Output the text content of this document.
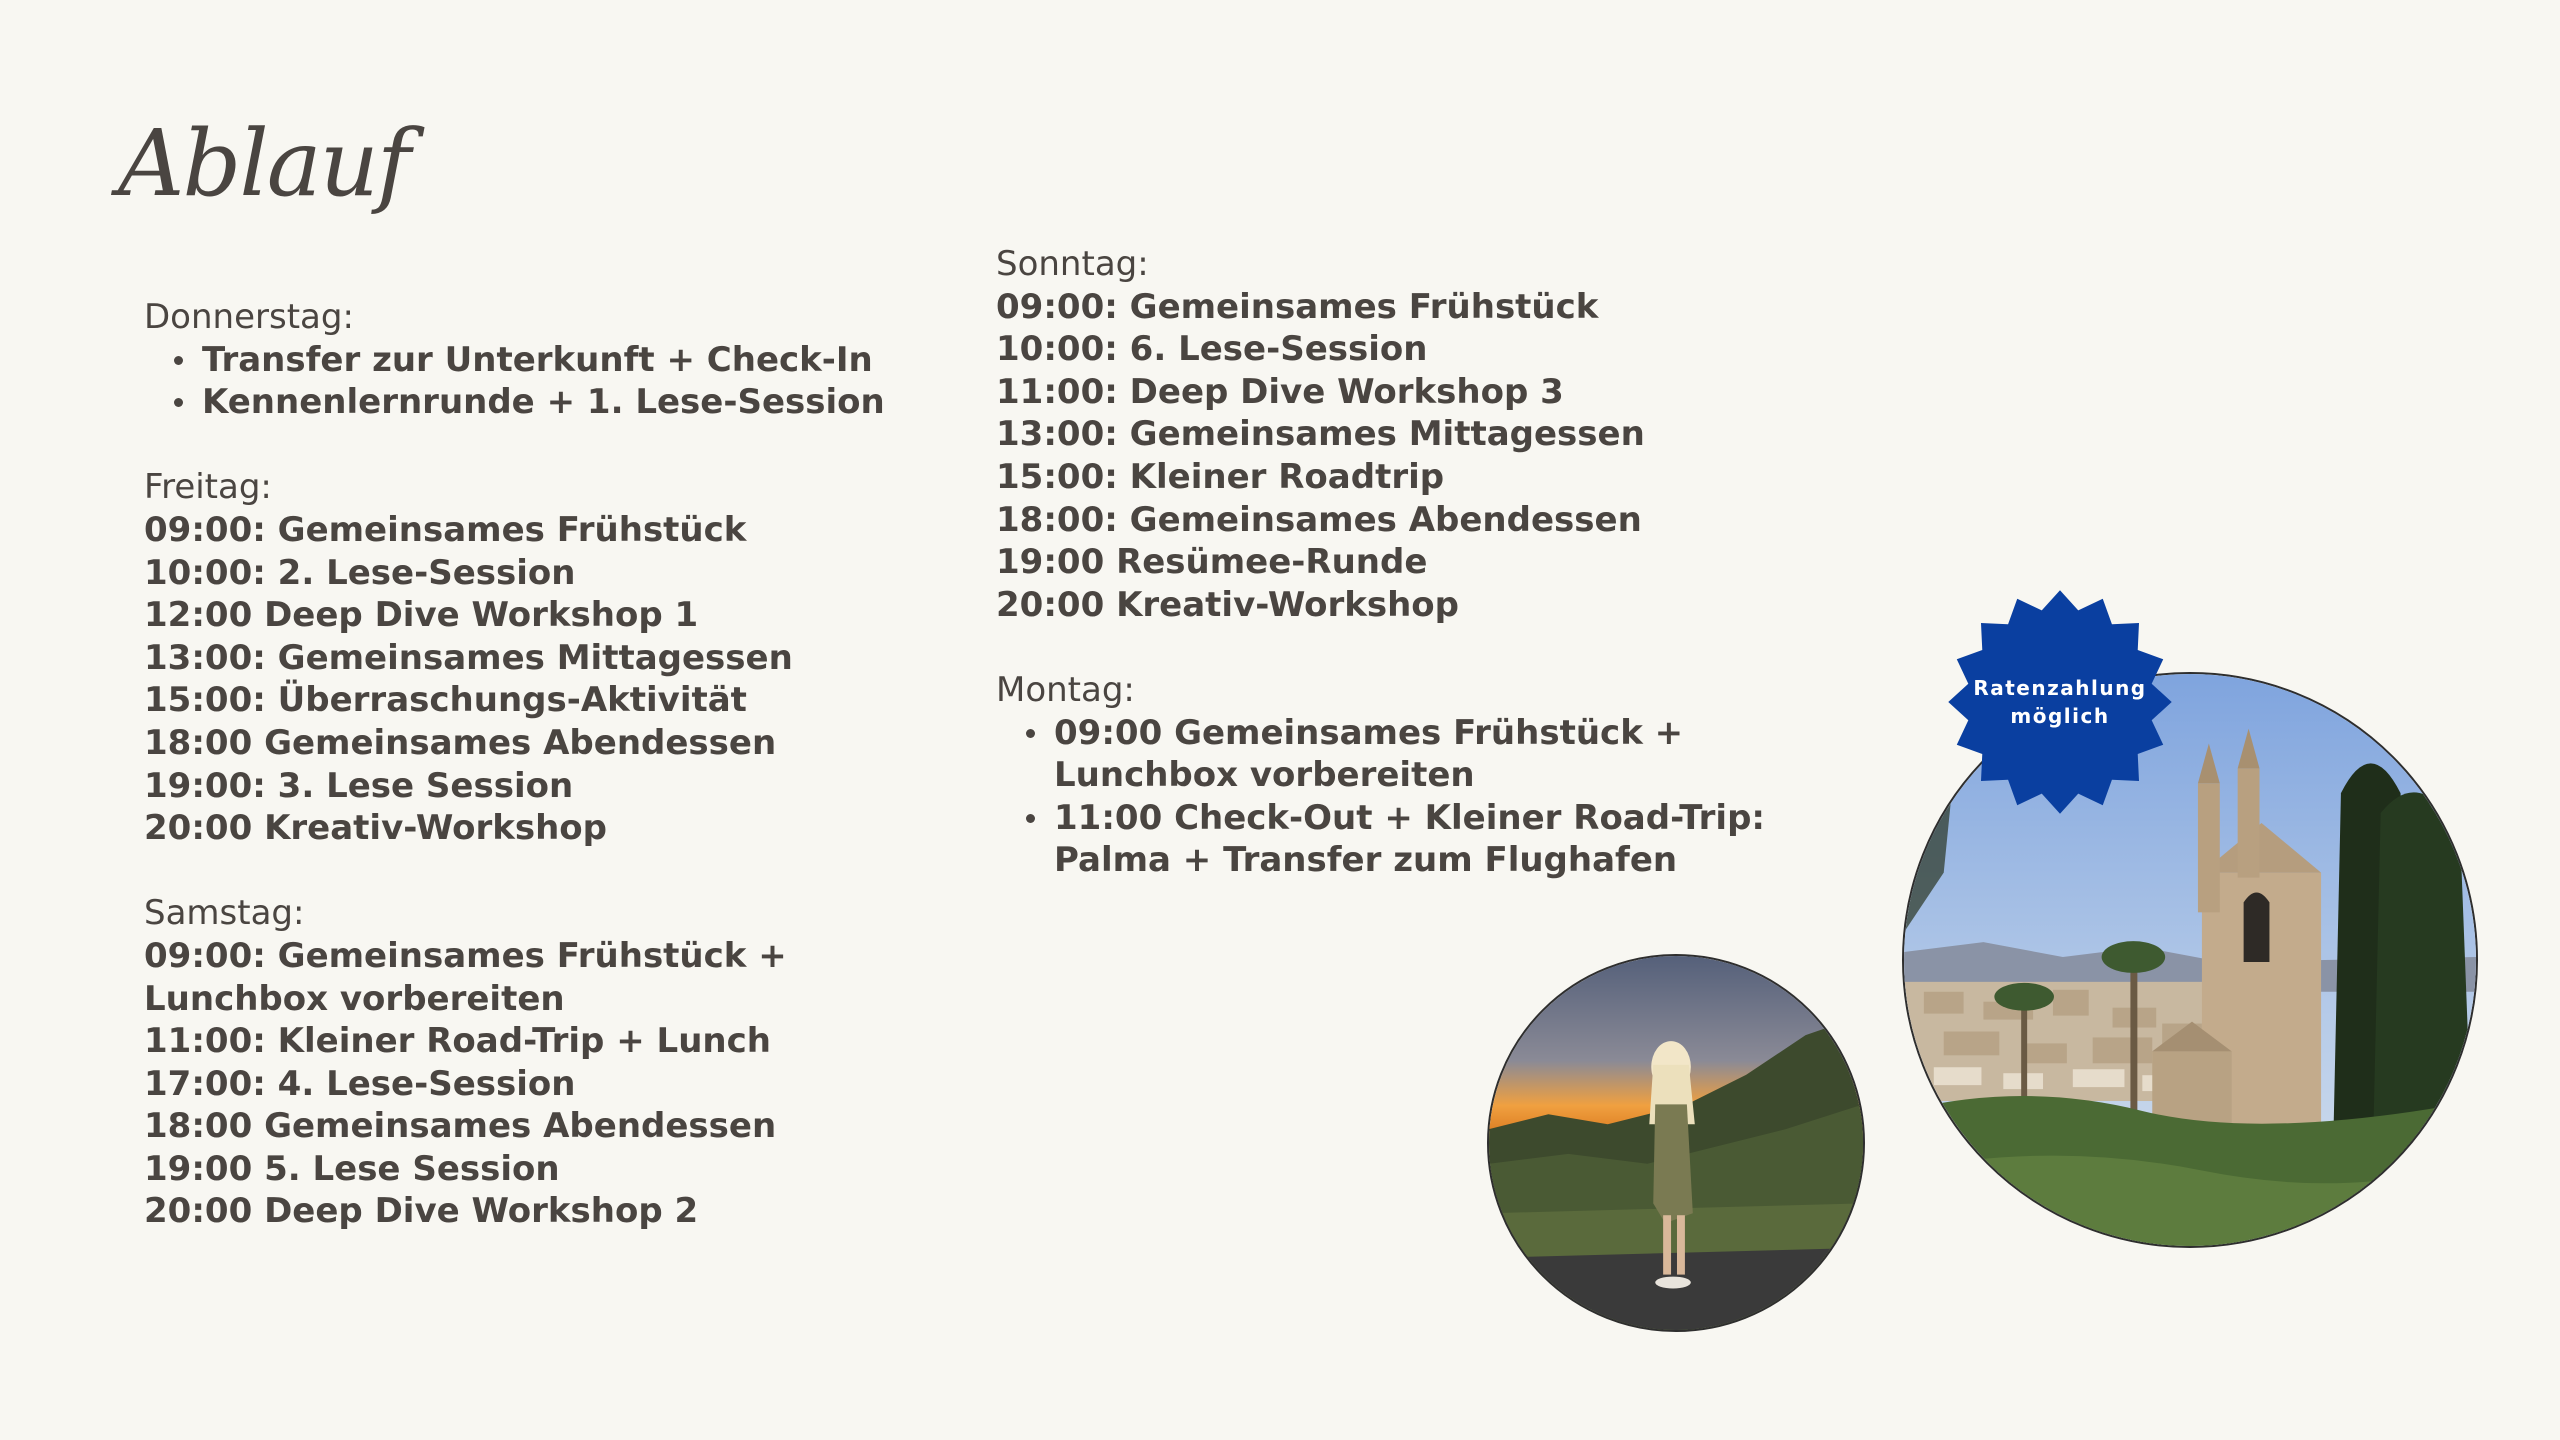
Ablauf
Donnerstag:
Transfer zur Unterkunft + Check-In
Kennenlernrunde + 1. Lese-Session
Freitag:
09:00: Gemeinsames Frühstück
10:00: 2. Lese-Session
12:00 Deep Dive Workshop 1
13:00: Gemeinsames Mittagessen
15:00: Überraschungs-Aktivität
18:00 Gemeinsames Abendessen
19:00: 3. Lese Session
20:00 Kreativ-Workshop
Samstag:
09:00: Gemeinsames Frühstück +
Lunchbox vorbereiten
11:00: Kleiner Road-Trip + Lunch
17:00: 4. Lese-Session
18:00 Gemeinsames Abendessen
19:00 5. Lese Session
20:00 Deep Dive Workshop 2
Sonntag:
09:00: Gemeinsames Frühstück
10:00: 6. Lese-Session
11:00: Deep Dive Workshop 3
13:00: Gemeinsames Mittagessen
15:00: Kleiner Roadtrip
18:00: Gemeinsames Abendessen
19:00 Resümee-Runde
20:00 Kreativ-Workshop
Montag:
09:00 Gemeinsames Frühstück +
Lunchbox vorbereiten
11:00 Check-Out + Kleiner Road-Trip:
Palma + Transfer zum Flughafen
Ratenzahlung
möglich
